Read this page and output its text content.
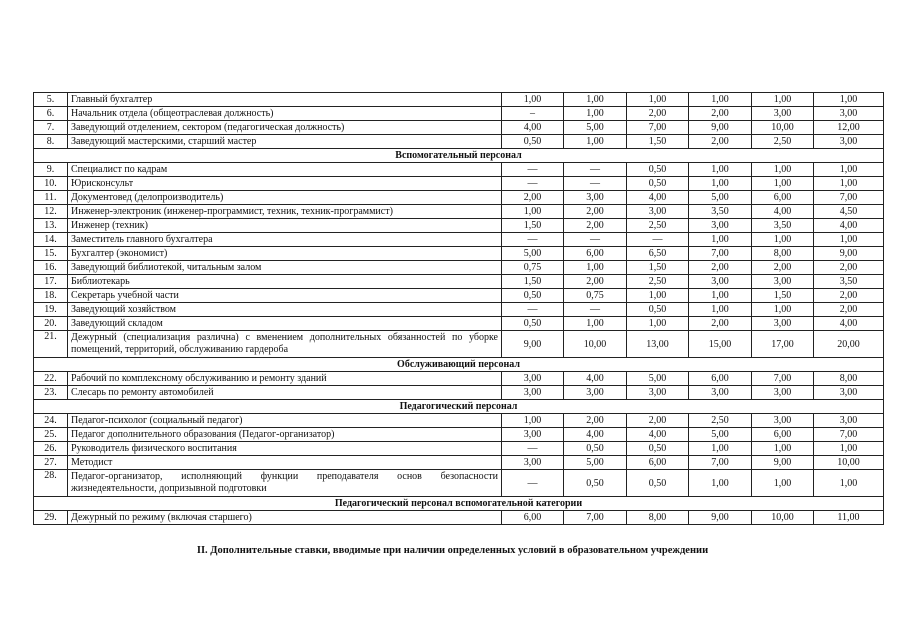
5.	Главный бухгалтер	1,00	1,00	1,00	1,00	1,00	1,00
6.	Начальник отдела (общеотраслевая должность)	–	1,00	2,00	2,00	3,00	3,00
7.	Заведующий отделением, сектором (педагогическая должность)	4,00	5,00	7,00	9,00	10,00	12,00
8.	Заведующий мастерскими, старший мастер	0,50	1,00	1,50	2,00	2,50	3,00
Вспомогательный персонал							
9.	Специалист по кадрам	—	—	0,50	1,00	1,00	1,00
10.	Юрисконсульт	—	—	0,50	1,00	1,00	1,00
11.	Документовед (делопроизводитель)	2,00	3,00	4,00	5,00	6,00	7,00
12.	Инженер-электроник (инженер-программист, техник, техник-программист)	1,00	2,00	3,00	3,50	4,00	4,50
13.	Инженер (техник)	1,50	2,00	2,50	3,00	3,50	4,00
14.	Заместитель главного бухгалтера	—	—	—	1,00	1,00	1,00
15.	Бухгалтер (экономист)	5,00	6,00	6,50	7,00	8,00	9,00
16.	Заведующий библиотекой, читальным залом	0,75	1,00	1,50	2,00	2,00	2,00
17.	Библиотекарь	1,50	2,00	2,50	3,00	3,00	3,50
18.	Секретарь учебной части	0,50	0,75	1,00	1,00	1,50	2,00
19.	Заведующий хозяйством	—	—	0,50	1,00	1,00	2,00
20.	Заведующий складом	0,50	1,00	1,00	2,00	3,00	4,00
21.	Дежурный (специализация различна) с вменением дополнительных обязанностей по уборке помещений, территорий, обслуживанию гардероба	9,00	10,00	13,00	15,00	17,00	20,00
Обслуживающий персонал							
22.	Рабочий по комплексному обслуживанию и ремонту зданий	3,00	4,00	5,00	6,00	7,00	8,00
23.	Слесарь по ремонту автомобилей	3,00	3,00	3,00	3,00	3,00	3,00
Педагогический персонал							
24.	Педагог-психолог (социальный педагог)	1,00	2,00	2,00	2,50	3,00	3,00
25.	Педагог дополнительного образования (Педагог-организатор)	3,00	4,00	4,00	5,00	6,00	7,00
26.	Руководитель физического воспитания	—	0,50	0,50	1,00	1,00	1,00
27.	Методист	3,00	5,00	6,00	7,00	9,00	10,00
28.	Педагог-организатор, исполняющий функции преподавателя основ безопасности жизнедеятельности, допризывной подготовки	—	0,50	0,50	1,00	1,00	1,00
Педагогический персонал вспомогательной категории							
29.	Дежурный по режиму (включая старшего)	6,00	7,00	8,00	9,00	10,00	11,00
II. Дополнительные ставки, вводимые при наличии определенных условий в образовательном учреждении
